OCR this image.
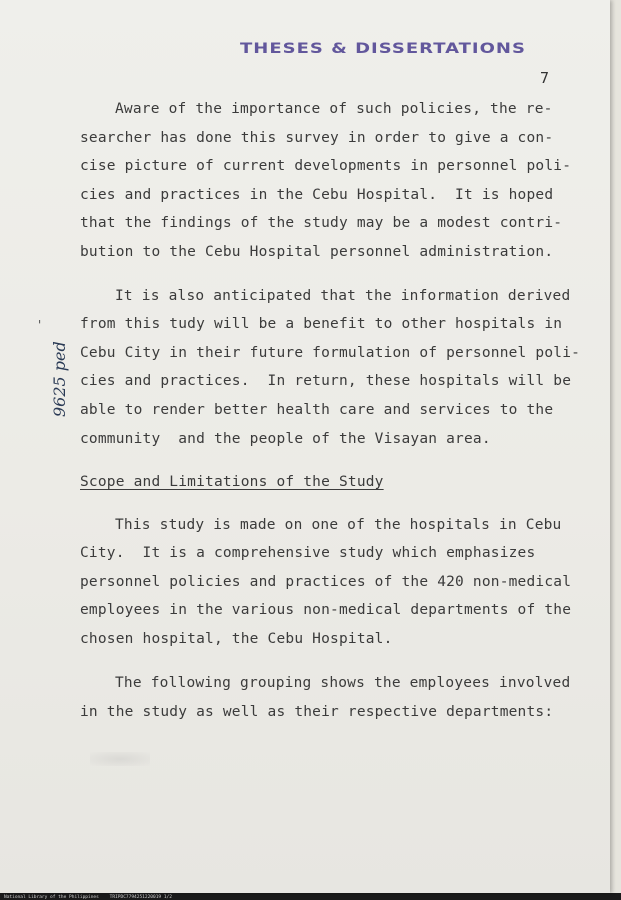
THESES & DISSERTATIONS
7
'
9625 ped

Aware of the importance of such policies, the re-

searcher has done this survey in order to give a con-

cise picture of current developments in personnel poli-

cies and practices in the Cebu Hospital.  It is hoped

that the findings of the study may be a modest contri-

bution to the Cebu Hospital personnel administration.

It is also anticipated that the information derived

from this tudy will be a benefit to other hospitals in

Cebu City in their future formulation of personnel poli-

cies and practices.  In return, these hospitals will be

able to render better health care and services to the

community  and the people of the Visayan area.

Scope and Limitations of the Study

This study is made on one of the hospitals in Cebu

City.  It is a comprehensive study which emphasizes

personnel policies and practices of the 420 non-medical

employees in the various non-medical departments of the

chosen hospital, the Cebu Hospital.

The following grouping shows the employees involved

in the study as well as their respective departments:

National Library of the Philippines    TRIPDC7794251220019 1/2
